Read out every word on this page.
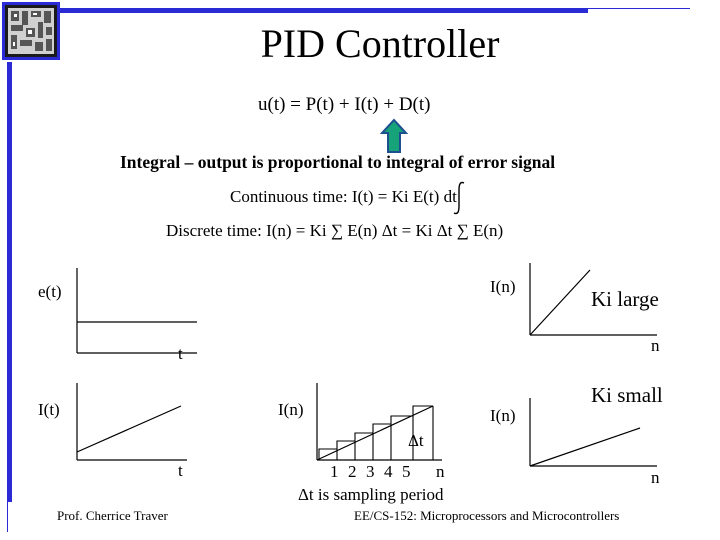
PID Controller
u(t) = P(t) + I(t) + D(t)
Integral – output is proportional to integral of error signal
Continuous time: I(t) = Ki E(t) dt
Discrete time: I(n) = Ki ∑ E(n) Δt = Ki Δt ∑ E(n)
e(t)
t
I(t)
t
I(n)
Δt
1 2 3 4 5 n
Δt is sampling period
I(n)
Ki large
n
I(n)
Ki small
n
Prof. Cherrice Traver	EE/CS-152: Microprocessors and Microcontrollers
